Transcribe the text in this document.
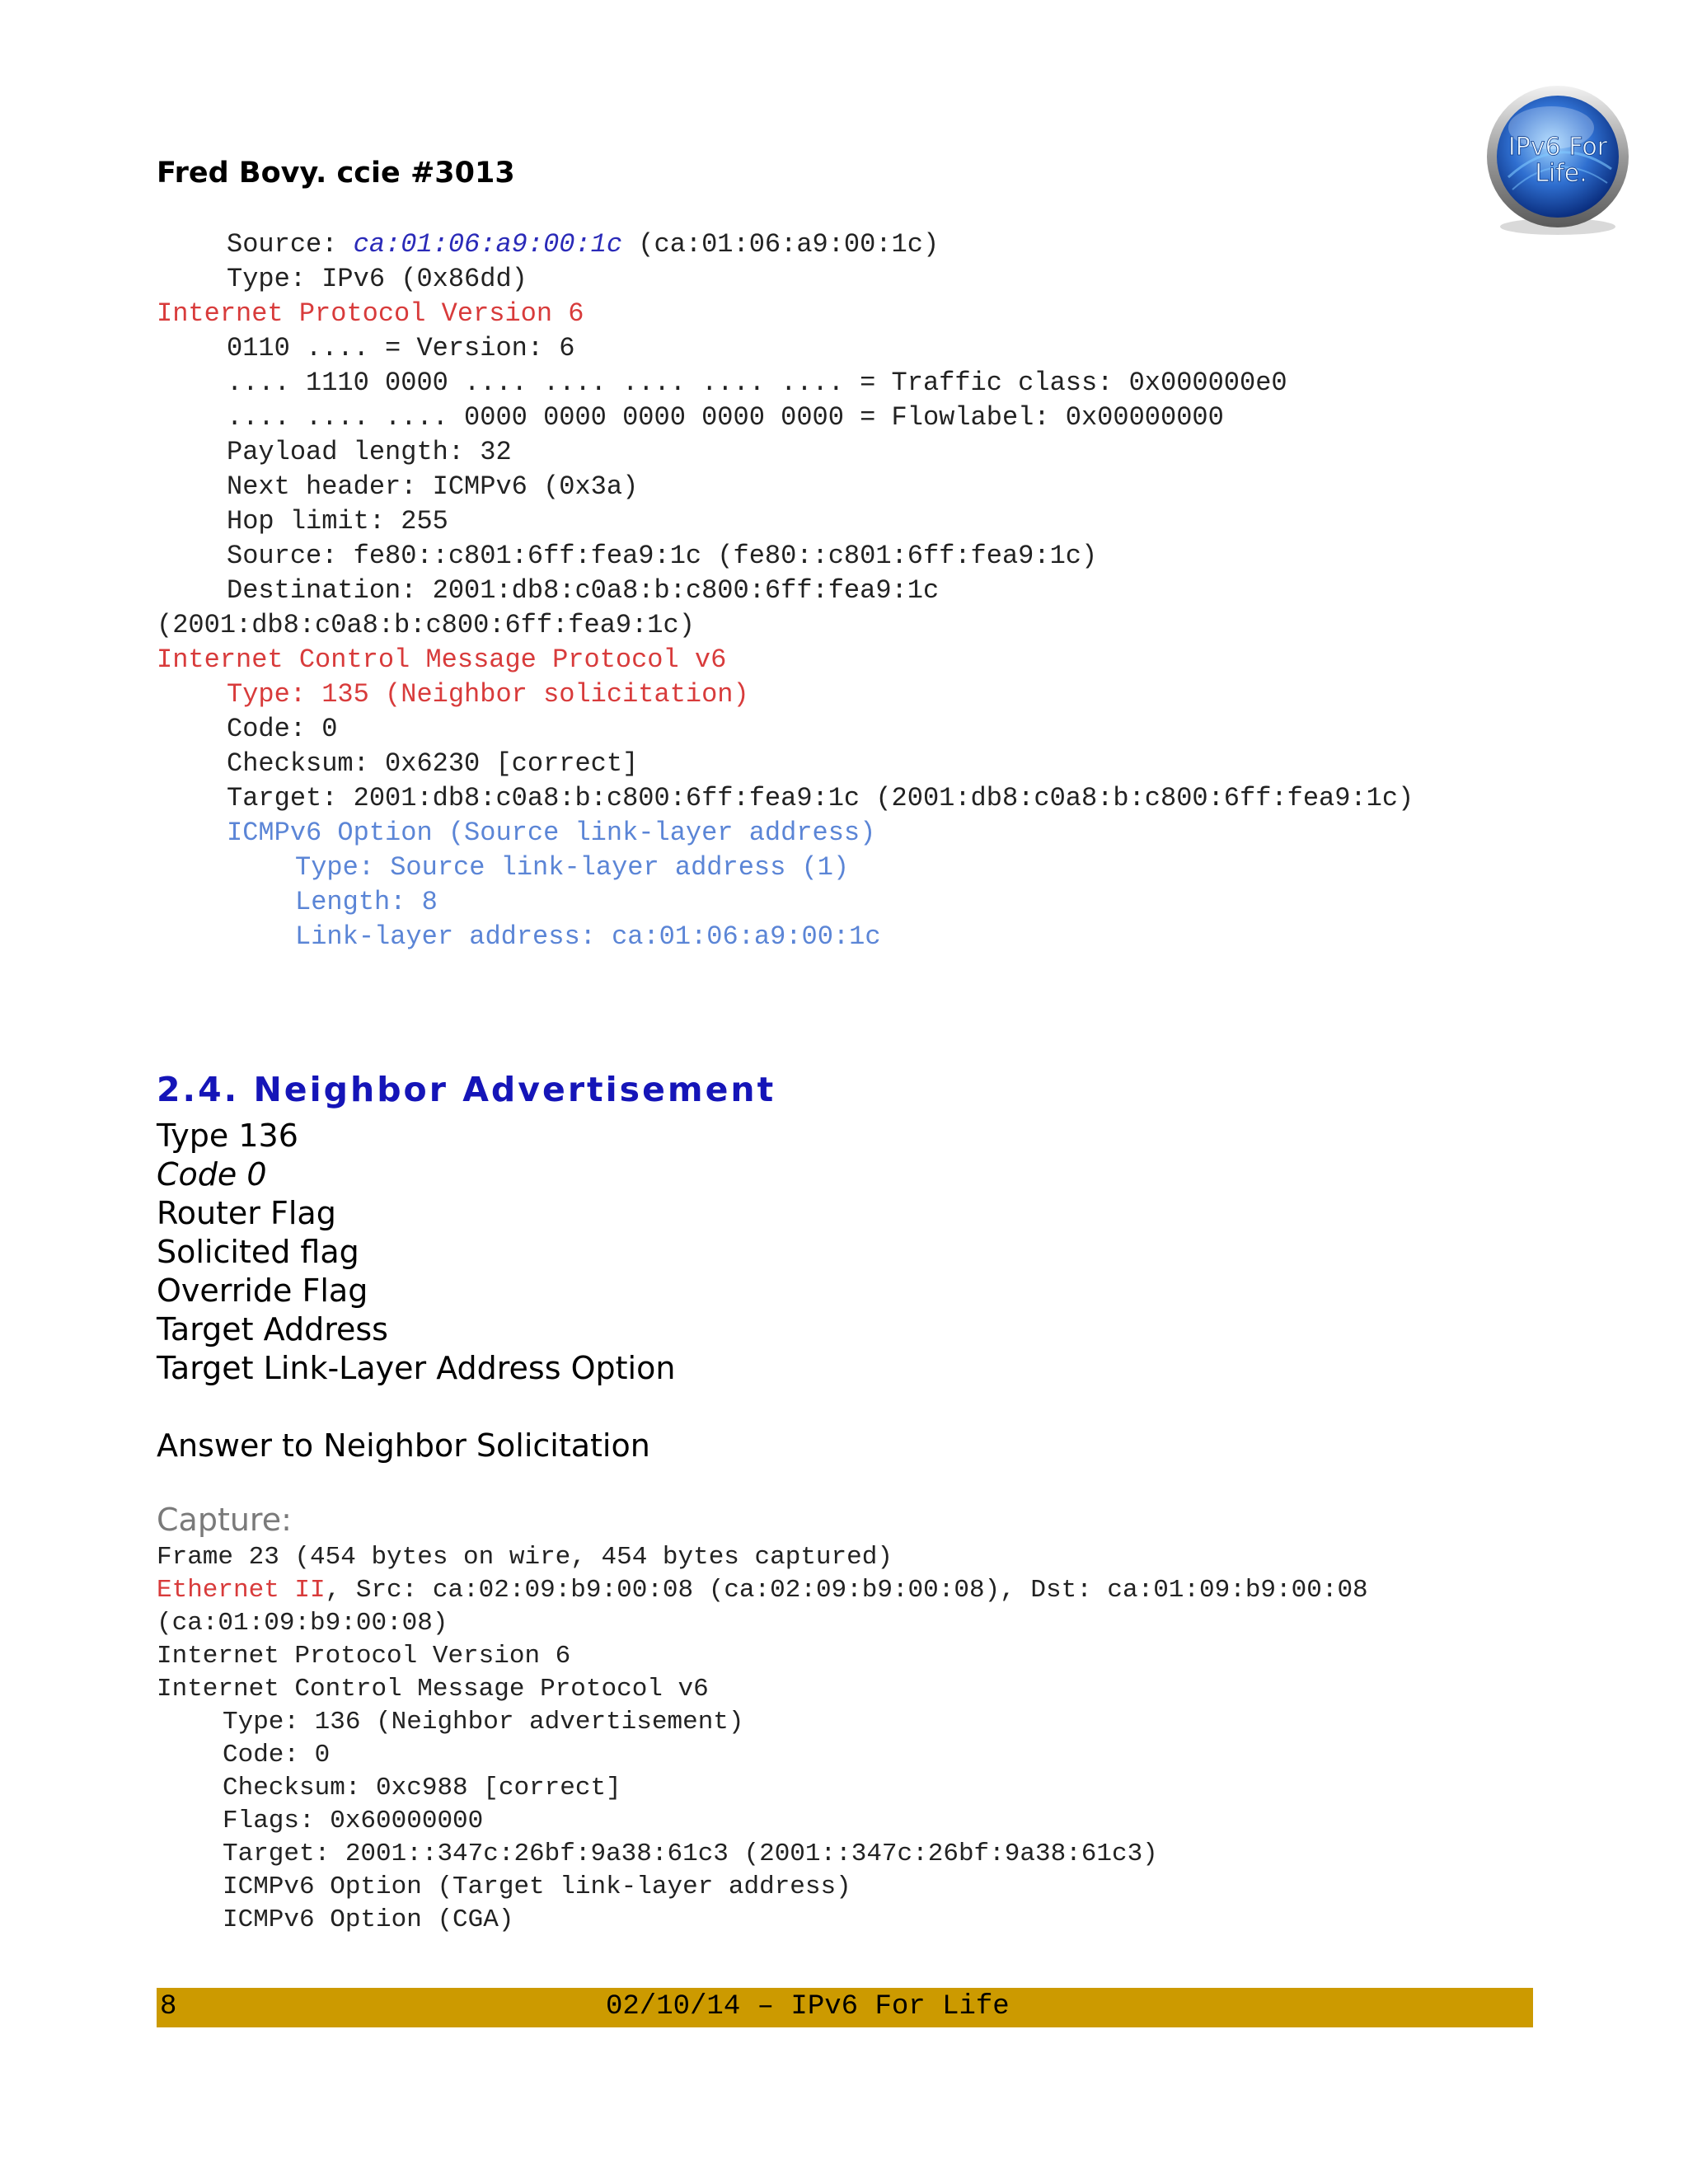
Fred Bovy. ccie #3013
IPv6 For
Life.
Source: ca:01:06:a9:00:1c (ca:01:06:a9:00:1c)
Type: IPv6 (0x86dd)
Internet Protocol Version 6
0110 .... = Version: 6
.... 1110 0000 .... .... .... .... .... = Traffic class: 0x000000e0
.... .... .... 0000 0000 0000 0000 0000 = Flowlabel: 0x00000000
Payload length: 32
Next header: ICMPv6 (0x3a)
Hop limit: 255
Source: fe80::c801:6ff:fea9:1c (fe80::c801:6ff:fea9:1c)
Destination: 2001:db8:c0a8:b:c800:6ff:fea9:1c
(2001:db8:c0a8:b:c800:6ff:fea9:1c)
Internet Control Message Protocol v6
Type: 135 (Neighbor solicitation)
Code: 0
Checksum: 0x6230 [correct]
Target: 2001:db8:c0a8:b:c800:6ff:fea9:1c (2001:db8:c0a8:b:c800:6ff:fea9:1c)
ICMPv6 Option (Source link-layer address)
Type: Source link-layer address (1)
Length: 8
Link-layer address: ca:01:06:a9:00:1c
2.4. Neighbor Advertisement
Type 136
Code 0
Router Flag
Solicited flag
Override Flag
Target Address
Target Link-Layer Address Option
Answer to Neighbor Solicitation
Capture:
Frame 23 (454 bytes on wire, 454 bytes captured)
Ethernet II, Src: ca:02:09:b9:00:08 (ca:02:09:b9:00:08), Dst: ca:01:09:b9:00:08
(ca:01:09:b9:00:08)
Internet Protocol Version 6
Internet Control Message Protocol v6
Type: 136 (Neighbor advertisement)
Code: 0
Checksum: 0xc988 [correct]
Flags: 0x60000000
Target: 2001::347c:26bf:9a38:61c3 (2001::347c:26bf:9a38:61c3)
ICMPv6 Option (Target link-layer address)
ICMPv6 Option (CGA)
8	02/10/14 – IPv6 For Life
